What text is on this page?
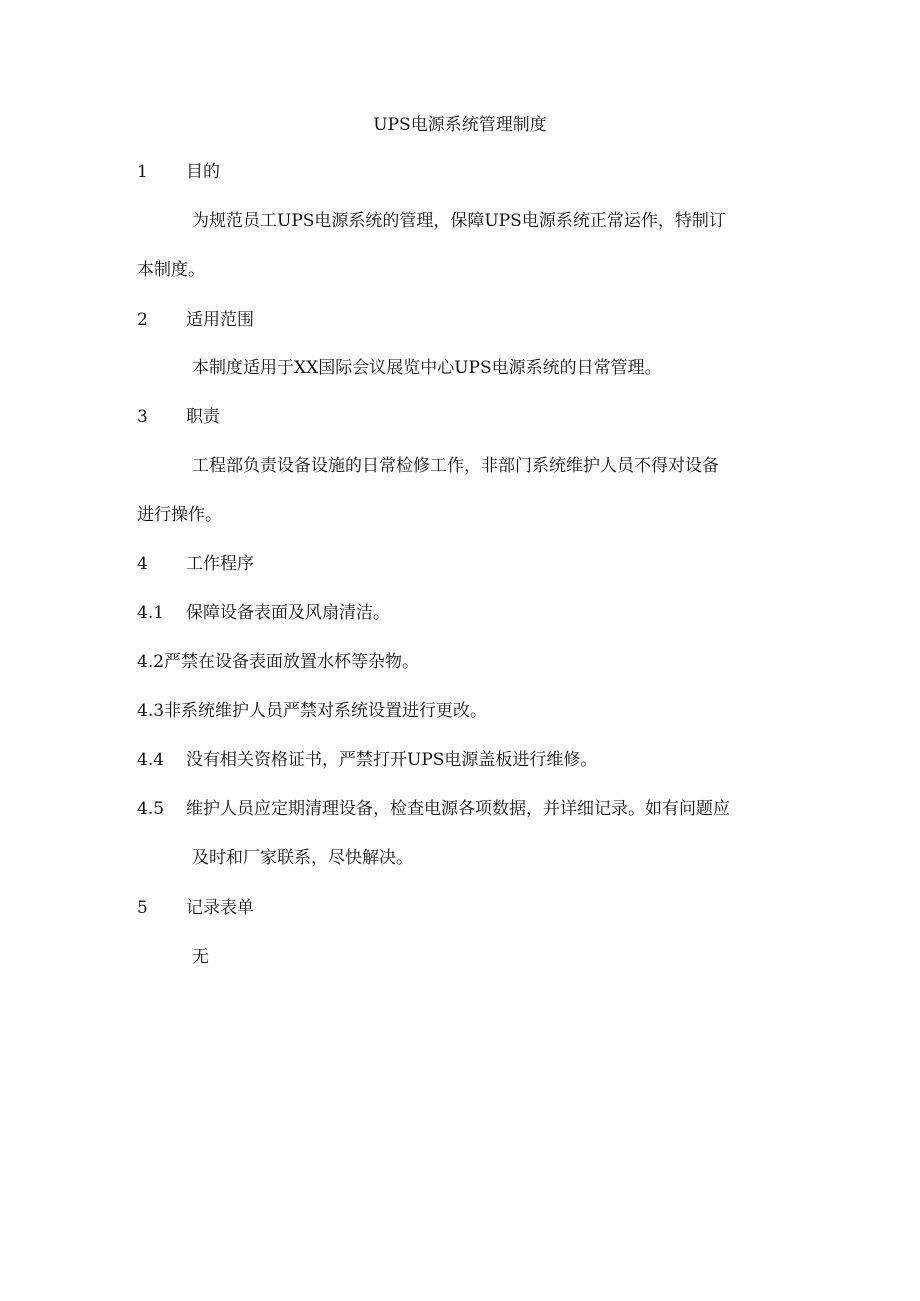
UPS电源系统管理制度
1 目的
为规范员工UPS电源系统的管理，保障UPS电源系统正常运作，特制订
本制度。
2 适用范围
本制度适用于XX国际会议展览中心UPS电源系统的日常管理。
3 职责
工程部负责设备设施的日常检修工作，非部门系统维护人员不得对设备
进行操作。
4 工作程序
4.1 保障设备表面及风扇清洁。
4.2严禁在设备表面放置水杯等杂物。
4.3非系统维护人员严禁对系统设置进行更改。
4.4 没有相关资格证书，严禁打开UPS电源盖板进行维修。
4.5 维护人员应定期清理设备，检查电源各项数据，并详细记录。如有问题应
及时和厂家联系，尽快解决。
5 记录表单
无
